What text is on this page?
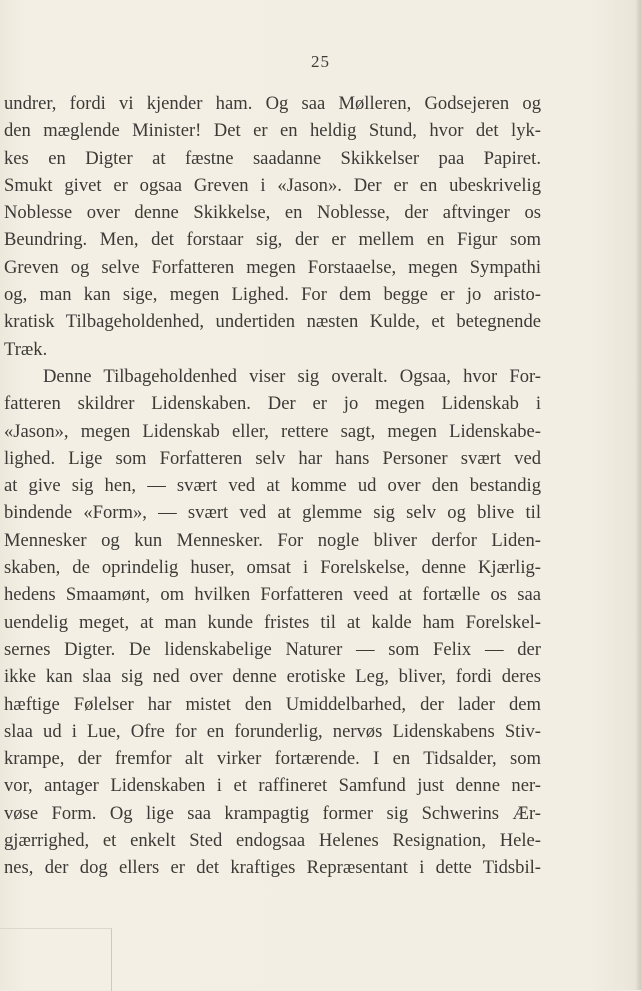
25
undrer, fordi vi kjender ham. Og saa Mølleren, Godsejeren og
den mæglende Minister! Det er en heldig Stund, hvor det lyk-
kes en Digter at fæstne saadanne Skikkelser paa Papiret.
Smukt givet er ogsaa Greven i «Jason». Der er en ubeskrivelig
Noblesse over denne Skikkelse, en Noblesse, der aftvinger os
Beundring. Men, det forstaar sig, der er mellem en Figur som
Greven og selve Forfatteren megen Forstaaelse, megen Sympathi
og, man kan sige, megen Lighed. For dem begge er jo aristo-
kratisk Tilbageholdenhed, undertiden næsten Kulde, et betegnende
Træk.
Denne Tilbageholdenhed viser sig overalt. Ogsaa, hvor For-
fatteren skildrer Lidenskaben. Der er jo megen Lidenskab i
«Jason», megen Lidenskab eller, rettere sagt, megen Lidenskabe-
lighed. Lige som Forfatteren selv har hans Personer svært ved
at give sig hen, — svært ved at komme ud over den bestandig
bindende «Form», — svært ved at glemme sig selv og blive til
Mennesker og kun Mennesker. For nogle bliver derfor Liden-
skaben, de oprindelig huser, omsat i Forelskelse, denne Kjærlig-
hedens Smaamønt, om hvilken Forfatteren veed at fortælle os saa
uendelig meget, at man kunde fristes til at kalde ham Forelskel-
sernes Digter. De lidenskabelige Naturer — som Felix — der
ikke kan slaa sig ned over denne erotiske Leg, bliver, fordi deres
hæftige Følelser har mistet den Umiddelbarhed, der lader dem
slaa ud i Lue, Ofre for en forunderlig, nervøs Lidenskabens Stiv-
krampe, der fremfor alt virker fortærende. I en Tidsalder, som
vor, antager Lidenskaben i et raffineret Samfund just denne ner-
vøse Form. Og lige saa krampagtig former sig Schwerins Ær-
gjærrighed, et enkelt Sted endogsaa Helenes Resignation, Hele-
nes, der dog ellers er det kraftiges Repræsentant i dette Tidsbil-
